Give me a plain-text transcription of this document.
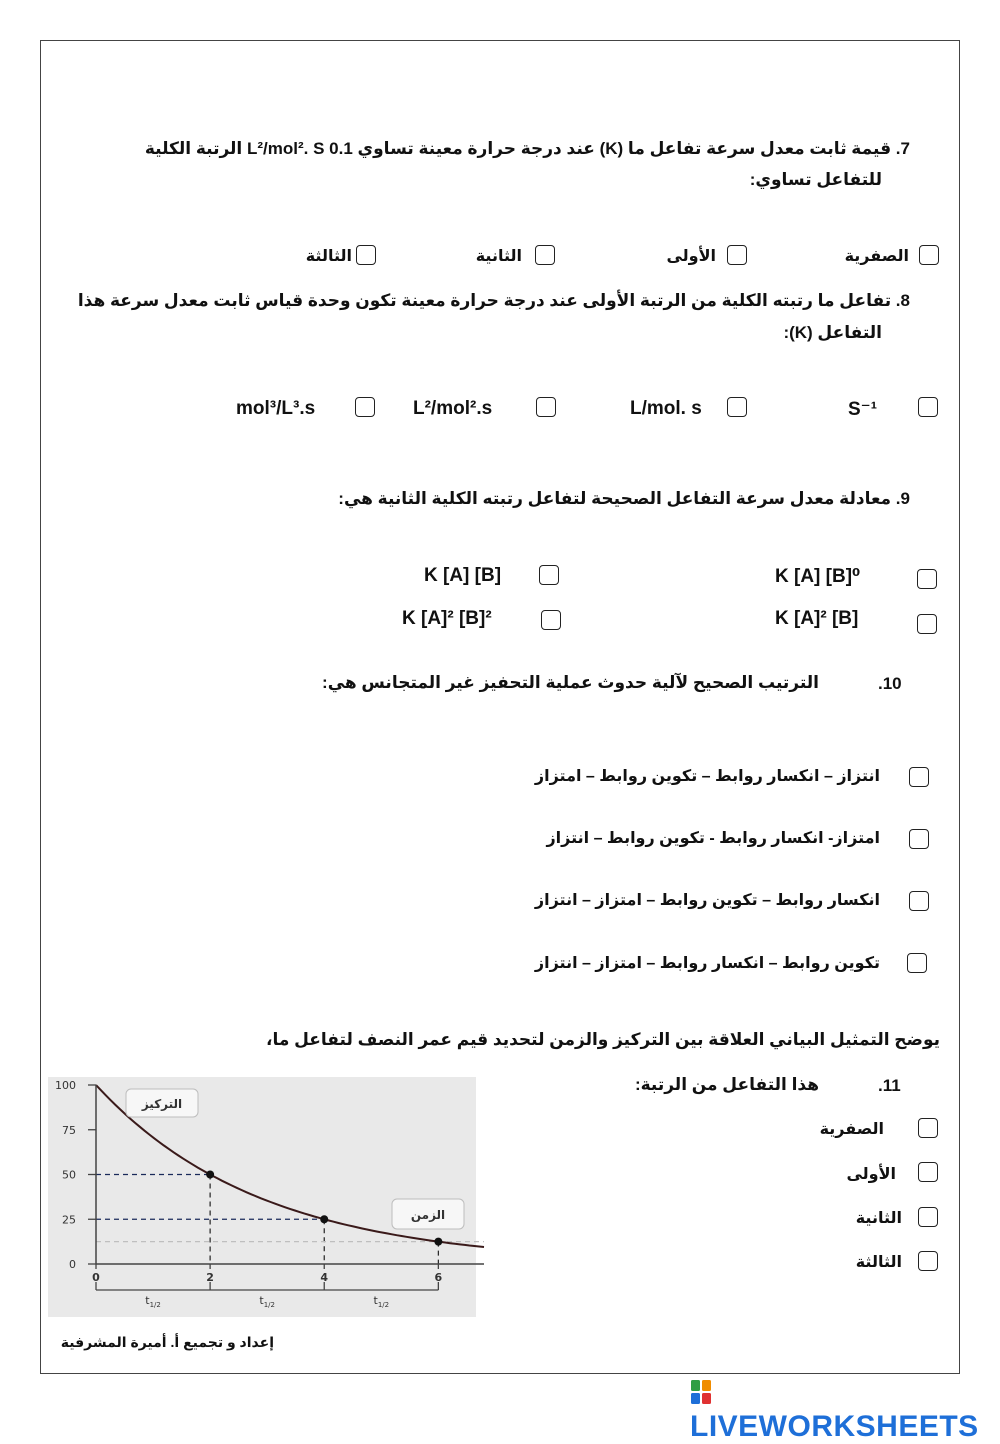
7. قيمة ثابت معدل سرعة تفاعل ما (K) عند درجة حرارة معينة تساوي 0.1 L²/mol². S الرتبة الكلية
للتفاعل تساوي:
الصفرية
الأولى
الثانية
الثالثة
8. تفاعل ما رتبته الكلية من الرتبة الأولى عند درجة حرارة معينة تكون وحدة قياس ثابت معدل سرعة هذا
التفاعل (K):
S⁻¹
L/mol. s
L²/mol².s
mol³/L³.s
9. معادلة معدل سرعة التفاعل الصحيحة لتفاعل رتبته الكلية الثانية هي:
K [A] [B]⁰
K [A] [B]
K [A]² [B]
K [A]² [B]²
.10
الترتيب الصحيح لآلية حدوث عملية التحفيز غير المتجانس هي:
انتزاز – انكسار روابط – تكوين روابط – امتزاز
امتزاز- انكسار روابط - تكوين روابط – انتزاز
انكسار روابط – تكوين روابط – امتزاز – انتزاز
تكوين روابط – انكسار روابط – امتزاز – انتزاز
يوضح التمثيل البياني العلاقة بين التركيز والزمن لتحديد قيم عمر النصف لتفاعل ما،
.11
هذا التفاعل من الرتبة:
الصفرية
الأولى
الثانية
الثالثة
100
75
50
25
0
0	2	4	6
$t_{1/2}$	$t_{1/2}$	$t_{1/2}$
التركيز
الزمن
إعداد و تجميع أ. أميرة المشرفية
LIVEWORKSHEETS
